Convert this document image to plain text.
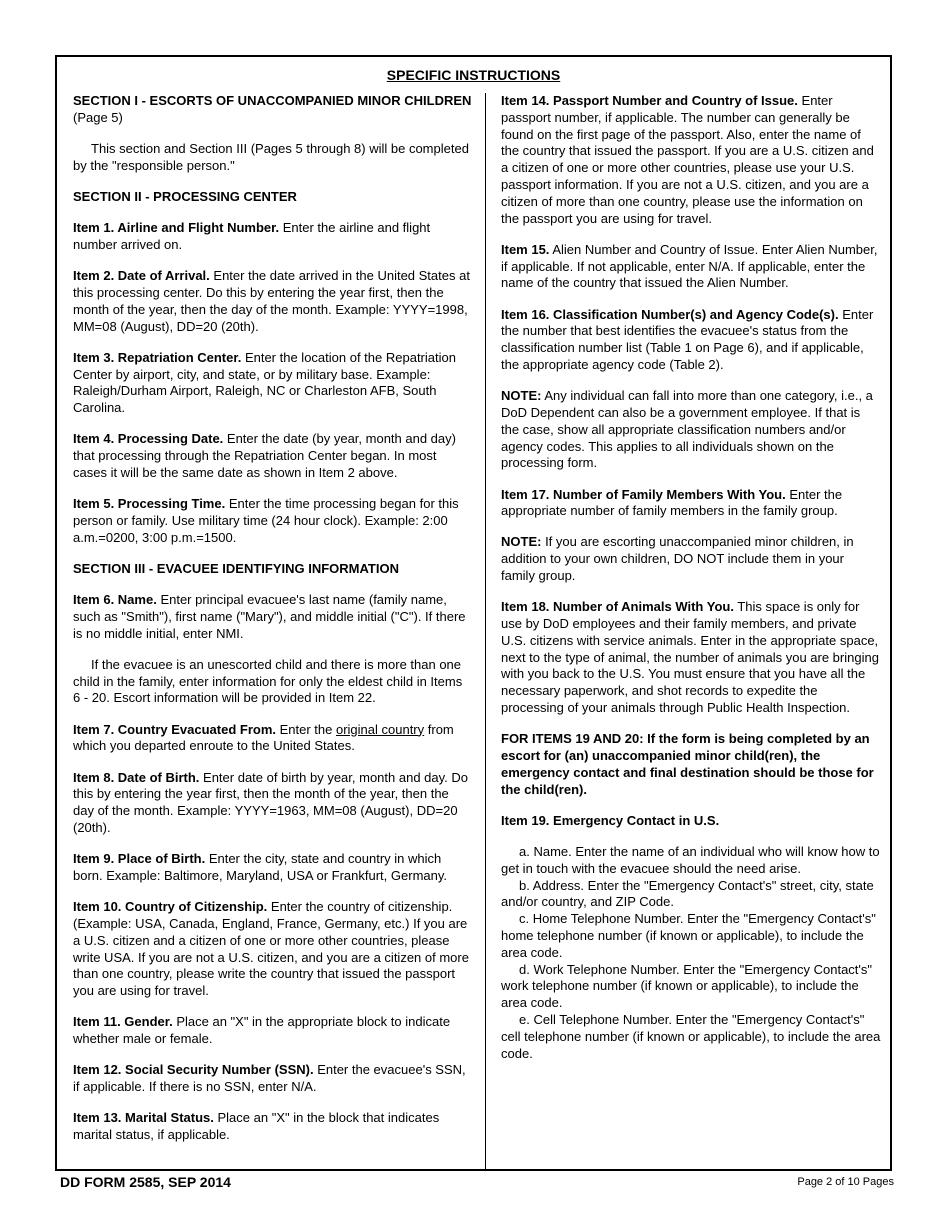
SPECIFIC INSTRUCTIONS

SECTION I - ESCORTS OF UNACCOMPANIED MINOR CHILDREN (Page 5)

This section and Section III (Pages 5 through 8) will be completed by the "responsible person."

SECTION II - PROCESSING CENTER

Item 1. Airline and Flight Number. Enter the airline and flight number arrived on.

Item 2. Date of Arrival. Enter the date arrived in the United States at this processing center. Do this by entering the year first, then the month of the year, then the day of the month. Example: YYYY=1998, MM=08 (August), DD=20 (20th).

Item 3. Repatriation Center. Enter the location of the Repatriation Center by airport, city, and state, or by military base. Example: Raleigh/Durham Airport, Raleigh, NC or Charleston AFB, South Carolina.

Item 4. Processing Date. Enter the date (by year, month and day) that processing through the Repatriation Center began. In most cases it will be the same date as shown in Item 2 above.

Item 5. Processing Time. Enter the time processing began for this person or family. Use military time (24 hour clock). Example: 2:00 a.m.=0200, 3:00 p.m.=1500.

SECTION III - EVACUEE IDENTIFYING INFORMATION

Item 6. Name. Enter principal evacuee's last name (family name, such as "Smith"), first name ("Mary"), and middle initial ("C"). If there is no middle initial, enter NMI.

If the evacuee is an unescorted child and there is more than one child in the family, enter information for only the eldest child in Items 6 - 20. Escort information will be provided in Item 22.

Item 7. Country Evacuated From. Enter the original country from which you departed enroute to the United States.

Item 8. Date of Birth. Enter date of birth by year, month and day. Do this by entering the year first, then the month of the year, then the day of the month. Example: YYYY=1963, MM=08 (August), DD=20 (20th).

Item 9. Place of Birth. Enter the city, state and country in which born. Example: Baltimore, Maryland, USA or Frankfurt, Germany.

Item 10. Country of Citizenship. Enter the country of citizenship. (Example: USA, Canada, England, France, Germany, etc.) If you are a U.S. citizen and a citizen of one or more other countries, please write USA. If you are not a U.S. citizen, and you are a citizen of more than one country, please write the country that issued the passport you are using for travel.

Item 11. Gender. Place an "X" in the appropriate block to indicate whether male or female.

Item 12. Social Security Number (SSN). Enter the evacuee's SSN, if applicable. If there is no SSN, enter N/A.

Item 13. Marital Status. Place an "X" in the block that indicates marital status, if applicable.

Item 14. Passport Number and Country of Issue. Enter passport number, if applicable. The number can generally be found on the first page of the passport. Also, enter the name of the country that issued the passport. If you are a U.S. citizen and a citizen of one or more other countries, please use your U.S. passport information. If you are not a U.S. citizen, and you are a citizen of more than one country, please use the information on the passport you are using for travel.

Item 15. Alien Number and Country of Issue. Enter Alien Number, if applicable. If not applicable, enter N/A. If applicable, enter the name of the country that issued the Alien Number.

Item 16. Classification Number(s) and Agency Code(s). Enter the number that best identifies the evacuee's status from the classification number list (Table 1 on Page 6), and if applicable, the appropriate agency code (Table 2).

NOTE: Any individual can fall into more than one category, i.e., a DoD Dependent can also be a government employee. If that is the case, show all appropriate classification numbers and/or agency codes. This applies to all individuals shown on the processing form.

Item 17. Number of Family Members With You. Enter the appropriate number of family members in the family group.

NOTE: If you are escorting unaccompanied minor children, in addition to your own children, DO NOT include them in your family group.

Item 18. Number of Animals With You. This space is only for use by DoD employees and their family members, and private U.S. citizens with service animals. Enter in the appropriate space, next to the type of animal, the number of animals you are bringing with you back to the U.S. You must ensure that you have all the necessary paperwork, and shot records to expedite the processing of your animals through Public Health Inspection.

FOR ITEMS 19 AND 20: If the form is being completed by an escort for (an) unaccompanied minor child(ren), the emergency contact and final destination should be those for the child(ren).

Item 19. Emergency Contact in U.S.

a. Name. Enter the name of an individual who will know how to get in touch with the evacuee should the need arise.

b. Address. Enter the "Emergency Contact's" street, city, state and/or country, and ZIP Code.

c. Home Telephone Number. Enter the "Emergency Contact's" home telephone number (if known or applicable), to include the area code.

d. Work Telephone Number. Enter the "Emergency Contact's" work telephone number (if known or applicable), to include the area code.

e. Cell Telephone Number. Enter the "Emergency Contact's" cell telephone number (if known or applicable), to include the area code.

DD FORM 2585, SEP 2014	Page 2 of 10 Pages
